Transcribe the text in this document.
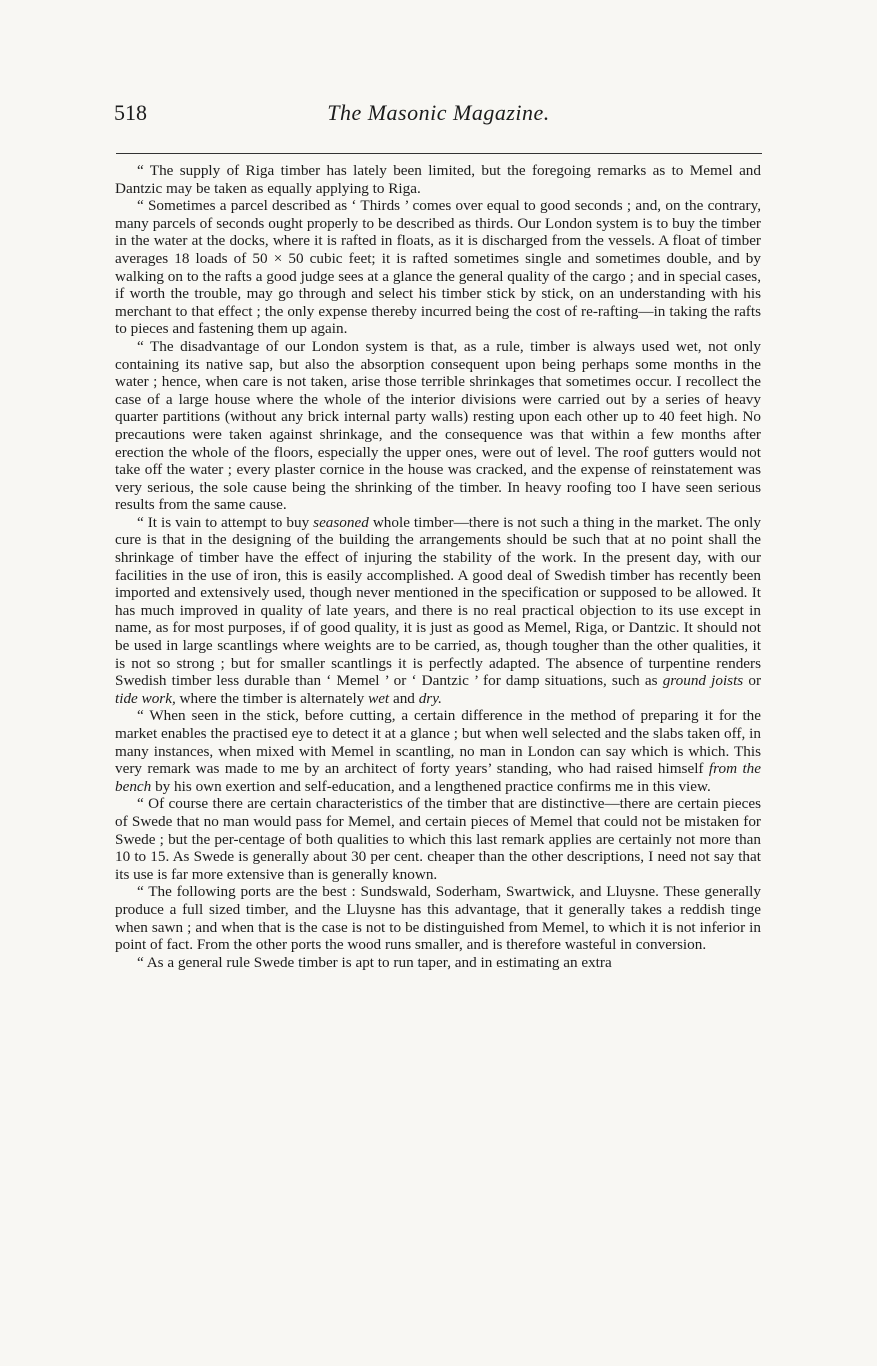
518	The Masonic Magazine.

“ The supply of Riga timber has lately been limited, but the foregoing remarks as to Memel and Dantzic may be taken as equally applying to Riga.

“ Sometimes a parcel described as ‘ Thirds ’ comes over equal to good seconds ; and, on the contrary, many parcels of seconds ought properly to be described as thirds. Our London system is to buy the timber in the water at the docks, where it is rafted in floats, as it is discharged from the vessels. A float of timber averages 18 loads of 50 × 50 cubic feet; it is rafted sometimes single and sometimes double, and by walking on to the rafts a good judge sees at a glance the general quality of the cargo ; and in special cases, if worth the trouble, may go through and select his timber stick by stick, on an understanding with his merchant to that effect ; the only expense thereby incurred being the cost of re-rafting—in taking the rafts to pieces and fastening them up again.

“ The disadvantage of our London system is that, as a rule, timber is always used wet, not only containing its native sap, but also the absorption consequent upon being perhaps some months in the water ; hence, when care is not taken, arise those terrible shrinkages that sometimes occur. I recollect the case of a large house where the whole of the interior divisions were carried out by a series of heavy quarter partitions (without any brick internal party walls) resting upon each other up to 40 feet high. No precautions were taken against shrinkage, and the consequence was that within a few months after erection the whole of the floors, especially the upper ones, were out of level. The roof gutters would not take off the water ; every plaster cornice in the house was cracked, and the expense of reinstatement was very serious, the sole cause being the shrinking of the timber. In heavy roofing too I have seen serious results from the same cause.

“ It is vain to attempt to buy seasoned whole timber—there is not such a thing in the market. The only cure is that in the designing of the building the arrangements should be such that at no point shall the shrinkage of timber have the effect of injuring the stability of the work. In the present day, with our facilities in the use of iron, this is easily accomplished. A good deal of Swedish timber has recently been imported and extensively used, though never mentioned in the specification or supposed to be allowed. It has much improved in quality of late years, and there is no real practical objection to its use except in name, as for most purposes, if of good quality, it is just as good as Memel, Riga, or Dantzic. It should not be used in large scantlings where weights are to be carried, as, though tougher than the other qualities, it is not so strong ; but for smaller scantlings it is perfectly adapted. The absence of turpentine renders Swedish timber less durable than ‘ Memel ’ or ‘ Dantzic ’ for damp situations, such as ground joists or tide work, where the timber is alternately wet and dry.

“ When seen in the stick, before cutting, a certain difference in the method of preparing it for the market enables the practised eye to detect it at a glance ; but when well selected and the slabs taken off, in many instances, when mixed with Memel in scantling, no man in London can say which is which. This very remark was made to me by an architect of forty years’ standing, who had raised himself from the bench by his own exertion and self-education, and a lengthened practice confirms me in this view.

“ Of course there are certain characteristics of the timber that are distinctive—there are certain pieces of Swede that no man would pass for Memel, and certain pieces of Memel that could not be mistaken for Swede ; but the per-centage of both qualities to which this last remark applies are certainly not more than 10 to 15. As Swede is generally about 30 per cent. cheaper than the other descriptions, I need not say that its use is far more extensive than is generally known.

“ The following ports are the best : Sundswald, Soderham, Swartwick, and Lluysne. These generally produce a full sized timber, and the Lluysne has this advantage, that it generally takes a reddish tinge when sawn ; and when that is the case is not to be distinguished from Memel, to which it is not inferior in point of fact. From the other ports the wood runs smaller, and is therefore wasteful in conversion.

“ As a general rule Swede timber is apt to run taper, and in estimating an extra
